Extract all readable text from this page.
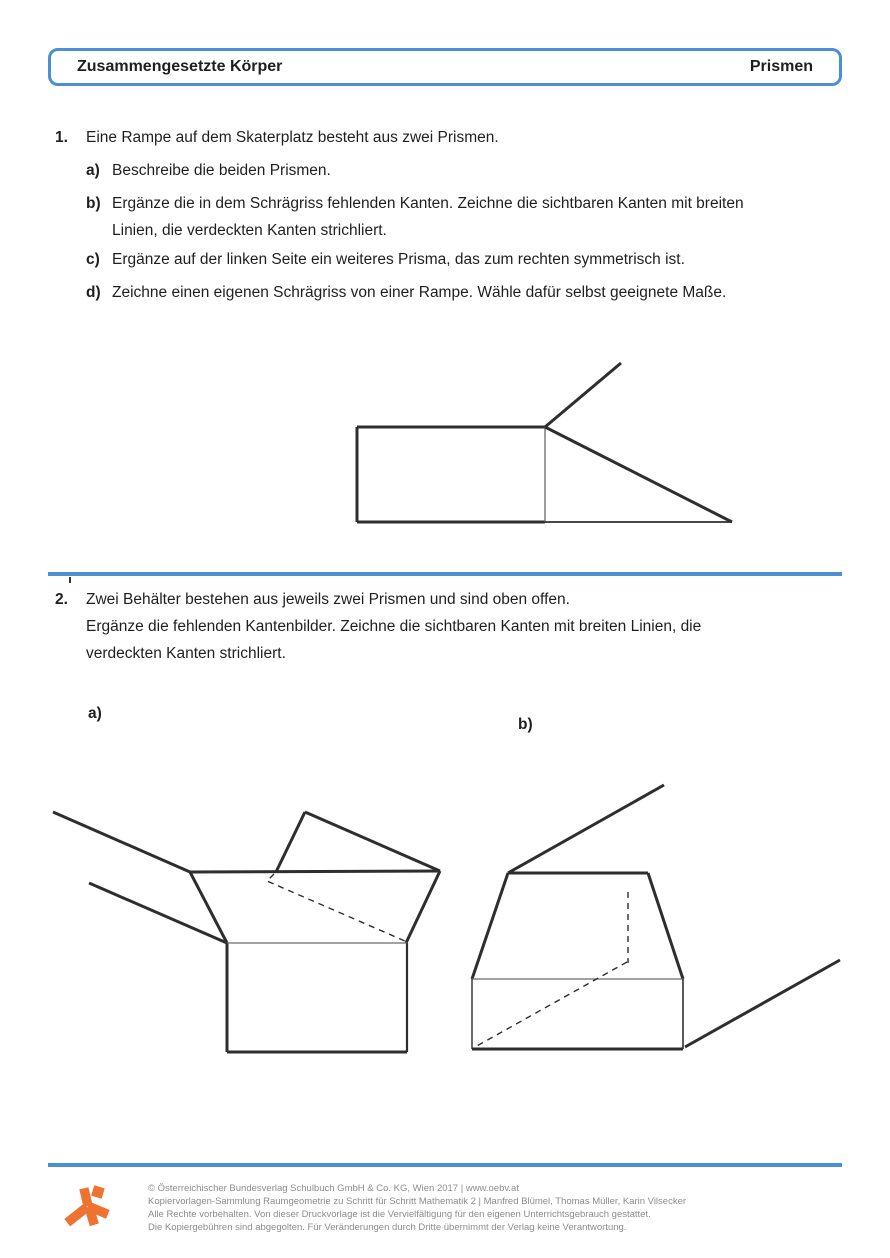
Zusammengesetzte Körper	Prismen
1. Eine Rampe auf dem Skaterplatz besteht aus zwei Prismen.
a) Beschreibe die beiden Prismen.
b) Ergänze die in dem Schrägriss fehlenden Kanten. Zeichne die sichtbaren Kanten mit breiten
Linien, die verdeckten Kanten strichliert.
c) Ergänze auf der linken Seite ein weiteres Prisma, das zum rechten symmetrisch ist.
d) Zeichne einen eigenen Schrägriss von einer Rampe. Wähle dafür selbst geeignete Maße.
2. Zwei Behälter bestehen aus jeweils zwei Prismen und sind oben offen.
Ergänze die fehlenden Kantenbilder. Zeichne die sichtbaren Kanten mit breiten Linien, die
verdeckten Kanten strichliert.
a)
b)
© Österreichischer Bundesverlag Schulbuch GmbH & Co. KG, Wien 2017 | www.oebv.at
Kopiervorlagen-Sammlung Raumgeometrie zu Schritt für Schritt Mathematik 2 | Manfred Blümel, Thomas Müller, Karin Vilsecker
Alle Rechte vorbehalten. Von dieser Druckvorlage ist die Vervielfältigung für den eigenen Unterrichtsgebrauch gestattet.
Die Kopiergebühren sind abgegolten. Für Veränderungen durch Dritte übernimmt der Verlag keine Verantwortung.
